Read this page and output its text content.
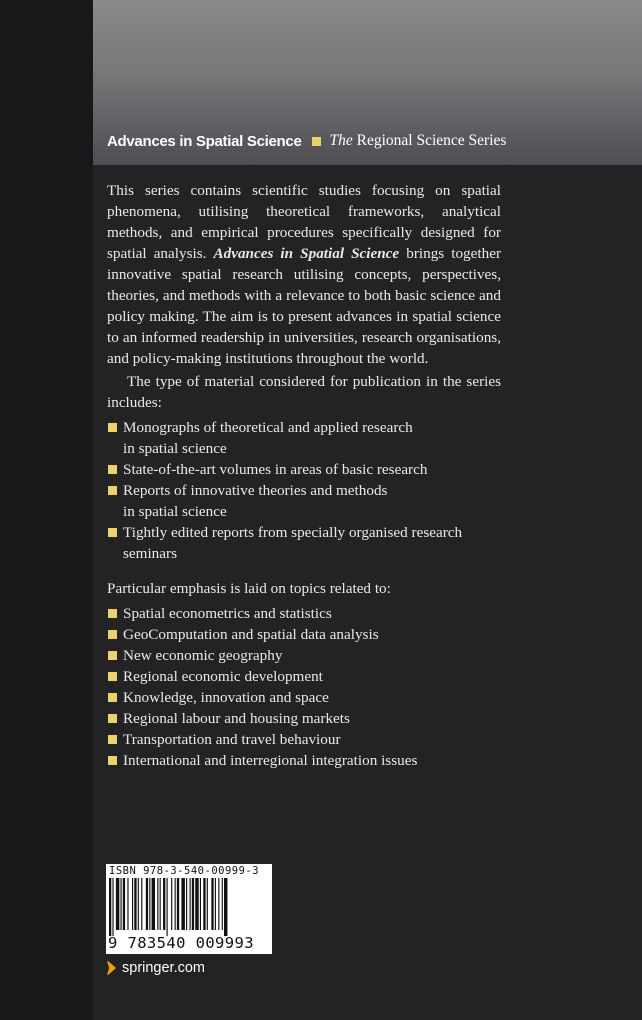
Advances in Spatial Science The Regional Science Series

This series contains scientific studies focusing on spatial phenomena, utilising theoretical frameworks, analytical methods, and empirical procedures specifically designed for spatial analysis. Advances in Spatial Science brings together innovative spatial research utilising concepts, perspectives, theories, and methods with a relevance to both basic science and policy making. The aim is to present advances in spatial science to an informed readership in universities, research organisations, and policy-making institutions throughout the world.

The type of material considered for publication in the series includes:

Monographs of theoretical and applied research
in spatial science
State-of-the-art volumes in areas of basic research
Reports of innovative theories and methods
in spatial science
Tightly edited reports from specially organised research
seminars

Particular emphasis is laid on topics related to:

Spatial econometrics and statistics
GeoComputation and spatial data analysis
New economic geography
Regional economic development
Knowledge, innovation and space
Regional labour and housing markets
Transportation and travel behaviour
International and interregional integration issues
ISBN 978-3-540-00999-3
9 783540 009993
springer.com
